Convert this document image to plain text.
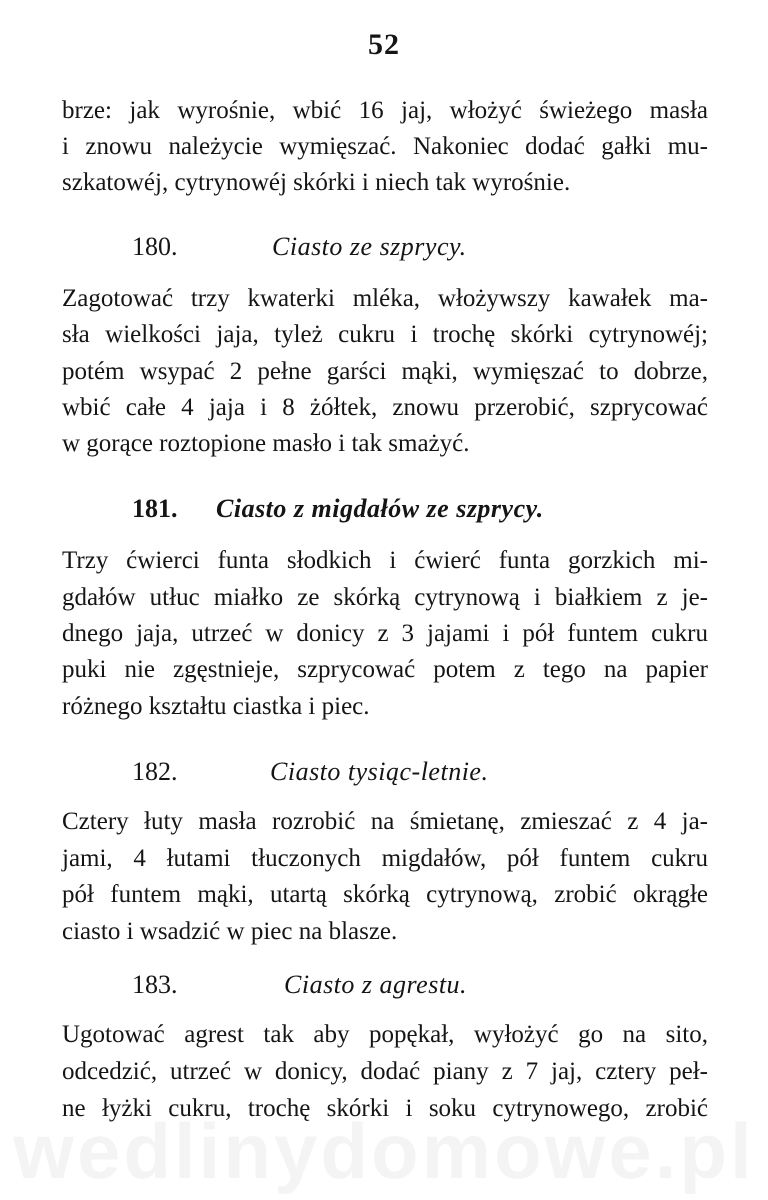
52
brze: jak wyrośnie, wbić 16 jaj, włożyć świeżego masła
i znowu należycie wymięszać. Nakoniec dodać gałki mu-
szkatowéj, cytrynowéj skórki i niech tak wyrośnie.
180.	Ciasto ze szprycy.
Zagotować trzy kwaterki mléka, włożywszy kawałek ma-
sła wielkości jaja, tyleż cukru i trochę skórki cytrynowéj;
potém wsypać 2 pełne garści mąki, wymięszać to dobrze,
wbić całe 4 jaja i 8 żółtek, znowu przerobić, szprycować
w gorące roztopione masło i tak smażyć.
181. Ciasto z migdałów ze szprycy.
Trzy ćwierci funta słodkich i ćwierć funta gorzkich mi-
gdałów utłuc miałko ze skórką cytrynową i białkiem z je-
dnego jaja, utrzeć w donicy z 3 jajami i pół funtem cukru
puki nie zgęstnieje, szprycować potem z tego na papier
różnego kształtu ciastka i piec.
182.	Ciasto tysiąc-letnie.
Cztery łuty masła rozrobić na śmietanę, zmieszać z 4 ja-
jami, 4 łutami tłuczonych migdałów, pół funtem cukru
pół funtem mąki, utartą skórką cytrynową, zrobić okrągłe
ciasto i wsadzić w piec na blasze.
183.	Ciasto z agrestu.
Ugotować agrest tak aby popękał, wyłożyć go na sito,
odcedzić, utrzeć w donicy, dodać piany z 7 jaj, cztery peł-
ne łyżki cukru, trochę skórki i soku cytrynowego, zrobić
